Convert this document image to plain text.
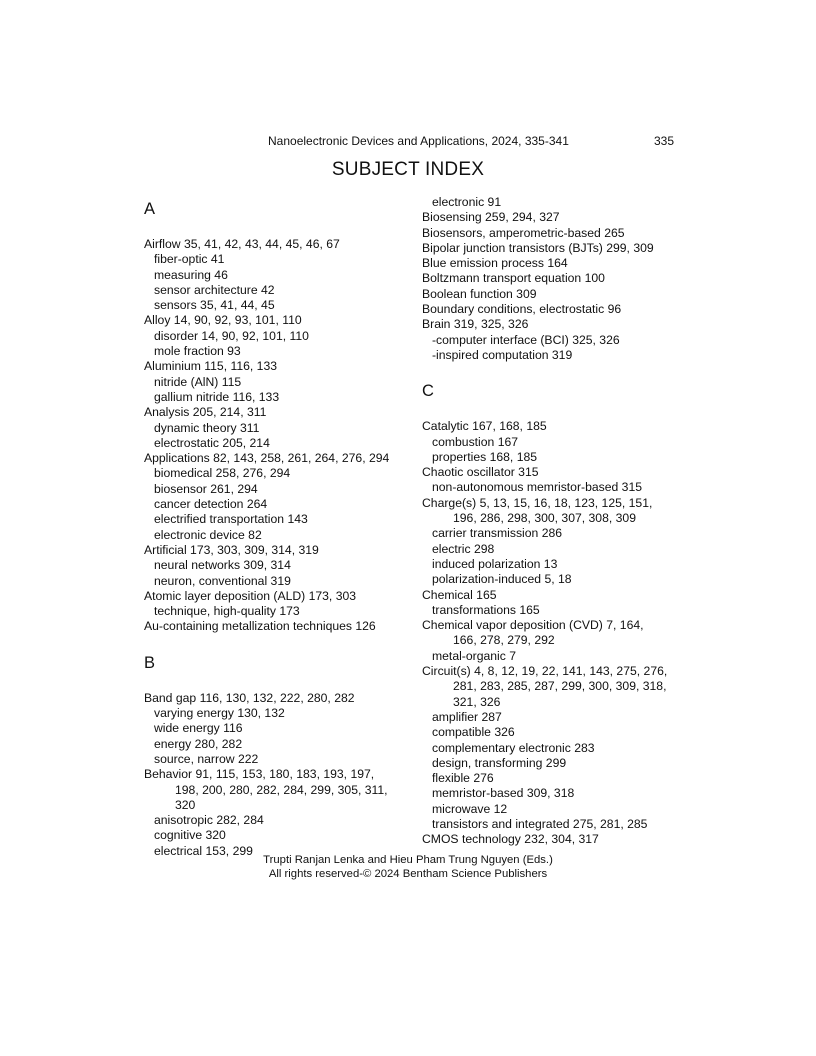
Nanoelectronic Devices and Applications, 2024, 335-341	335
SUBJECT INDEX
A
Airflow 35, 41, 42, 43, 44, 45, 46, 67
fiber-optic 41
measuring 46
sensor architecture 42
sensors 35, 41, 44, 45
Alloy 14, 90, 92, 93, 101, 110
disorder 14, 90, 92, 101, 110
mole fraction 93
Aluminium 115, 116, 133
nitride (AlN) 115
gallium nitride 116, 133
Analysis 205, 214, 311
dynamic theory 311
electrostatic 205, 214
Applications 82, 143, 258, 261, 264, 276, 294
biomedical 258, 276, 294
biosensor 261, 294
cancer detection 264
electrified transportation 143
electronic device 82
Artificial 173, 303, 309, 314, 319
neural networks 309, 314
neuron, conventional 319
Atomic layer deposition (ALD) 173, 303
technique, high-quality 173
Au-containing metallization techniques 126
B
Band gap 116, 130, 132, 222, 280, 282
varying energy 130, 132
wide energy 116
energy 280, 282
source, narrow 222
Behavior 91, 115, 153, 180, 183, 193, 197,
198, 200, 280, 282, 284, 299, 305, 311,
320
anisotropic 282, 284
cognitive 320
electrical 153, 299
electronic 91
Biosensing 259, 294, 327
Biosensors, amperometric-based 265
Bipolar junction transistors (BJTs) 299, 309
Blue emission process 164
Boltzmann transport equation 100
Boolean function 309
Boundary conditions, electrostatic 96
Brain 319, 325, 326
-computer interface (BCI) 325, 326
-inspired computation 319
C
Catalytic 167, 168, 185
combustion 167
properties 168, 185
Chaotic oscillator 315
non-autonomous memristor-based 315
Charge(s) 5, 13, 15, 16, 18, 123, 125, 151,
196, 286, 298, 300, 307, 308, 309
carrier transmission 286
electric 298
induced polarization 13
polarization-induced 5, 18
Chemical 165
transformations 165
Chemical vapor deposition (CVD) 7, 164,
166, 278, 279, 292
metal-organic 7
Circuit(s) 4, 8, 12, 19, 22, 141, 143, 275, 276,
281, 283, 285, 287, 299, 300, 309, 318,
321, 326
amplifier 287
compatible 326
complementary electronic 283
design, transforming 299
flexible 276
memristor-based 309, 318
microwave 12
transistors and integrated 275, 281, 285
CMOS technology 232, 304, 317
Trupti Ranjan Lenka and Hieu Pham Trung Nguyen (Eds.)
All rights reserved-© 2024 Bentham Science Publishers
